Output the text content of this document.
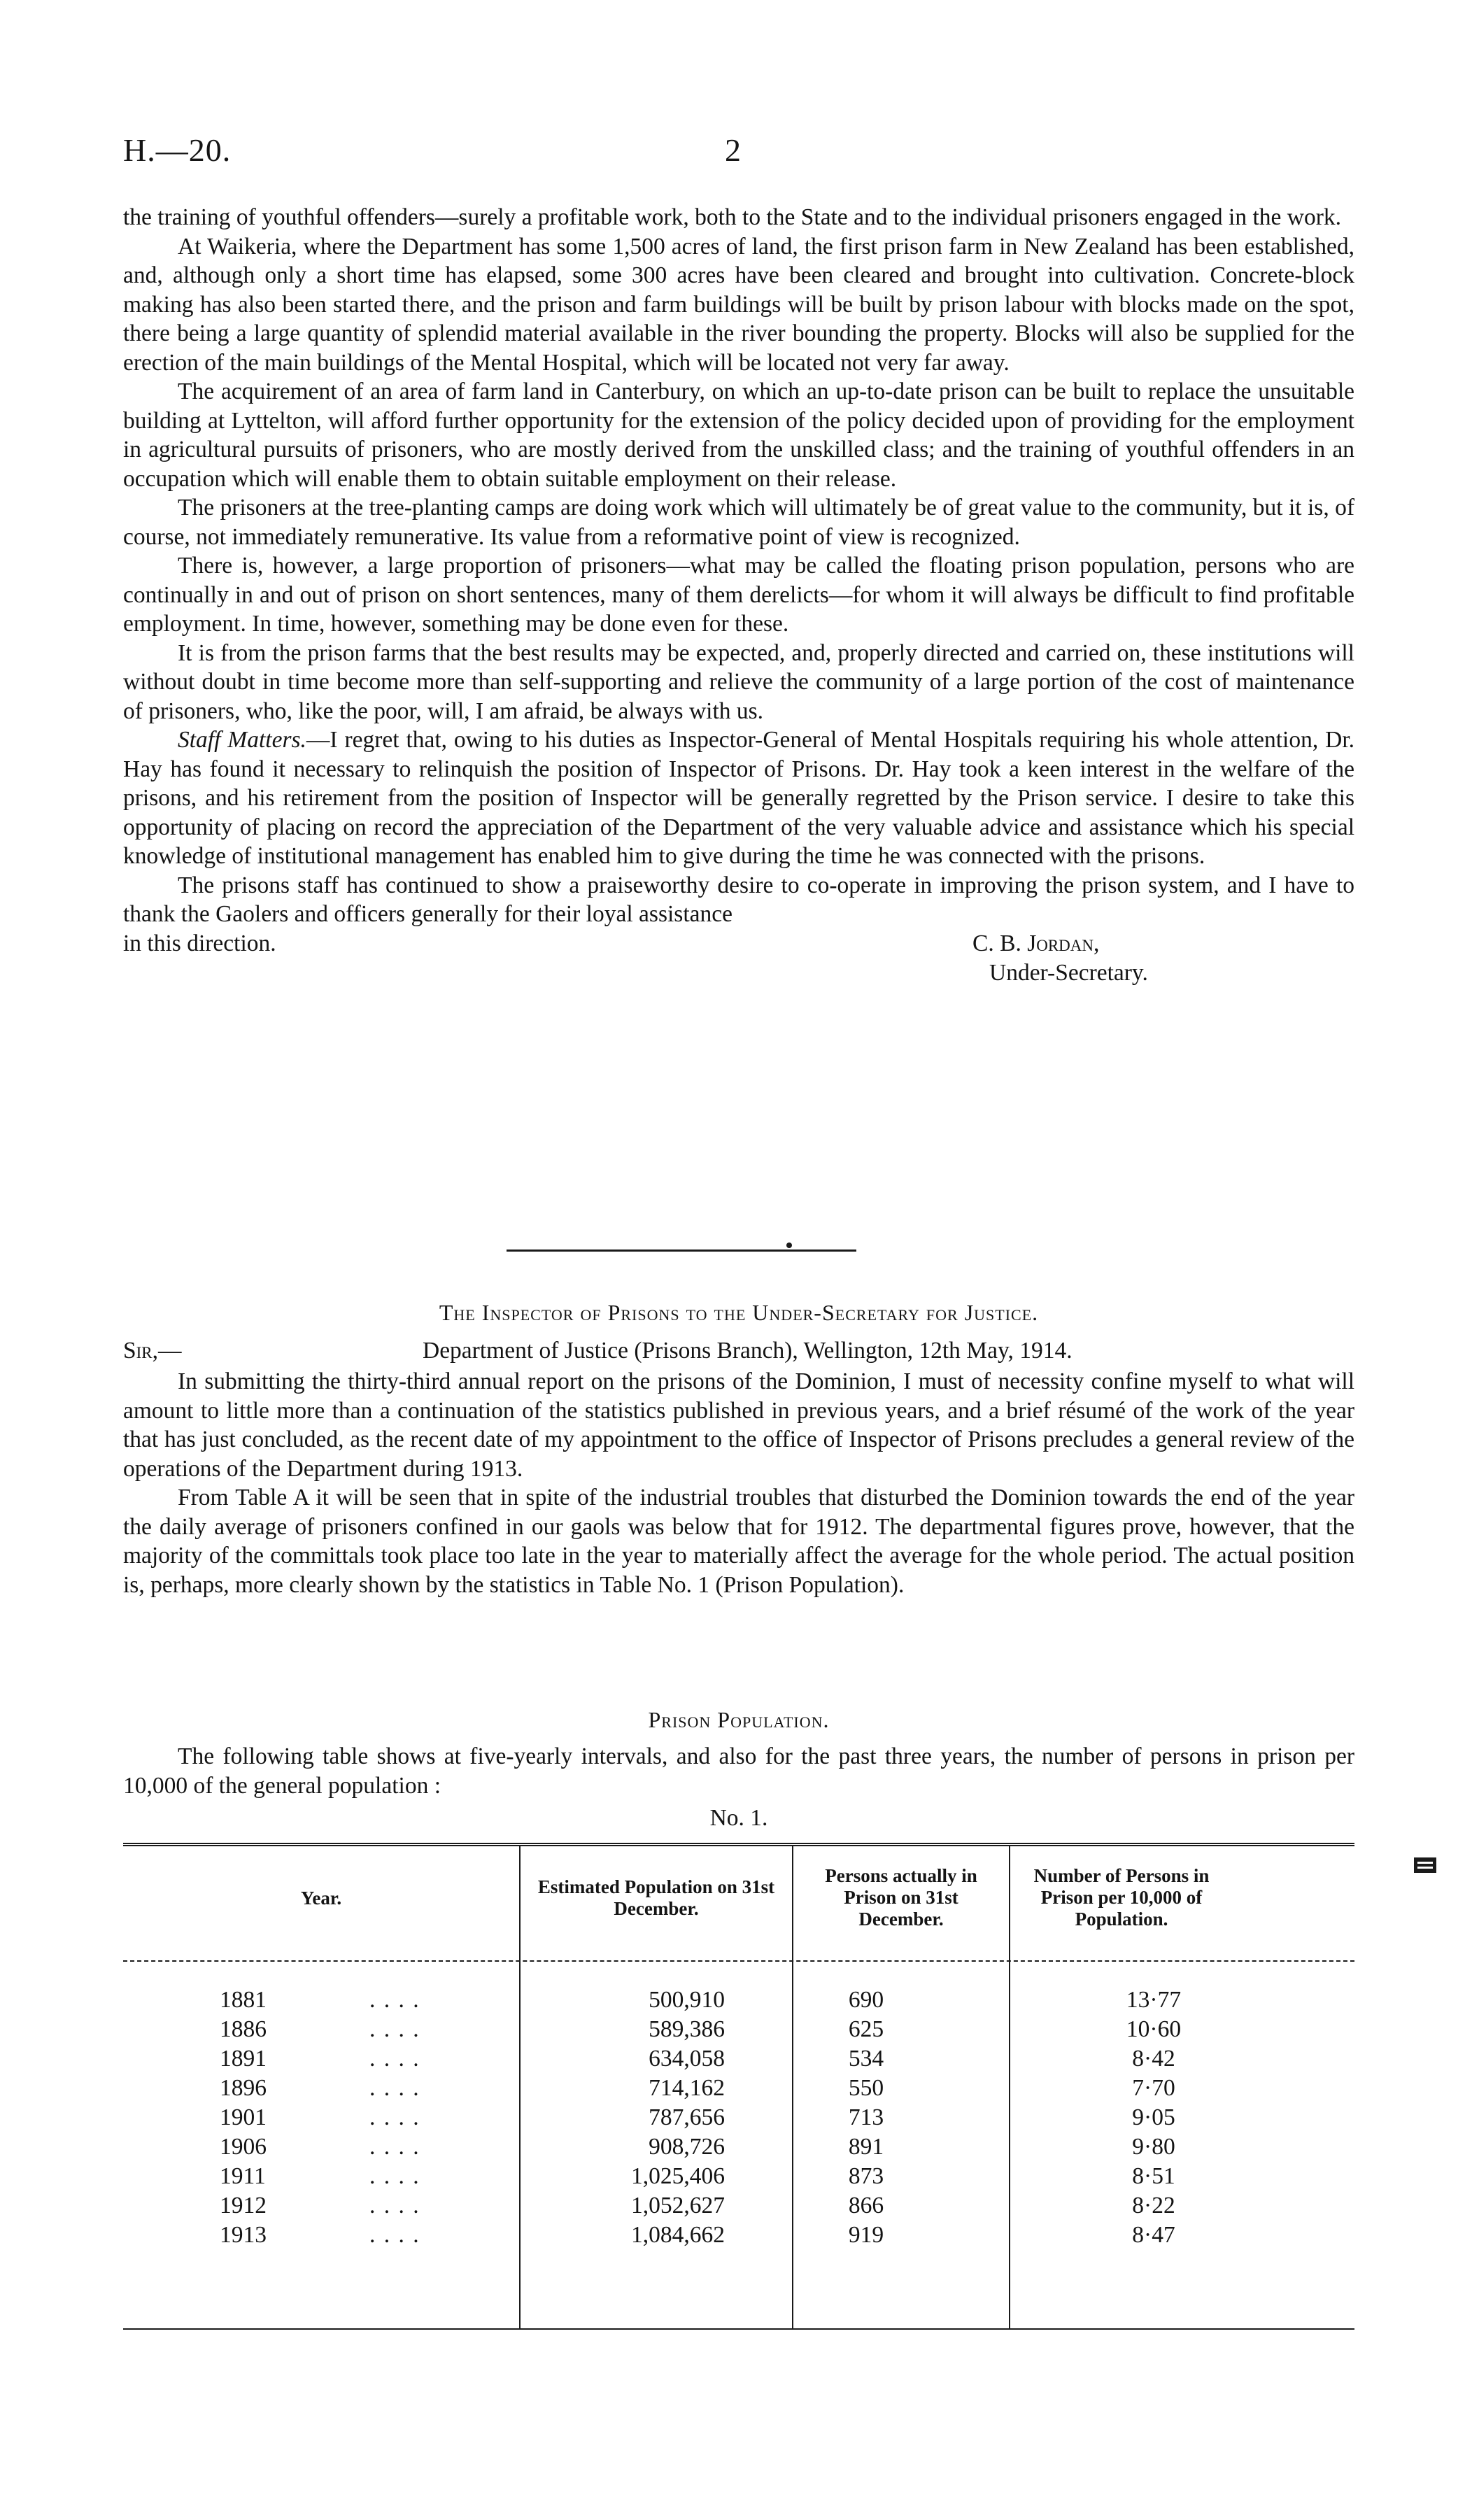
H.—20.	2

the training of youthful offenders—surely a profitable work, both to the State and to the individual prisoners engaged in the work.

At Waikeria, where the Department has some 1,500 acres of land, the first prison farm in New Zealand has been established, and, although only a short time has elapsed, some 300 acres have been cleared and brought into cultivation. Concrete-block making has also been started there, and the prison and farm buildings will be built by prison labour with blocks made on the spot, there being a large quantity of splendid material available in the river bounding the property. Blocks will also be supplied for the erection of the main buildings of the Mental Hospital, which will be located not very far away.

The acquirement of an area of farm land in Canterbury, on which an up-to-date prison can be built to replace the unsuitable building at Lyttelton, will afford further opportunity for the extension of the policy decided upon of providing for the employment in agricultural pursuits of prisoners, who are mostly derived from the unskilled class; and the training of youthful offenders in an occupation which will enable them to obtain suitable employment on their release.

The prisoners at the tree-planting camps are doing work which will ultimately be of great value to the community, but it is, of course, not immediately remunerative. Its value from a reformative point of view is recognized.

There is, however, a large proportion of prisoners—what may be called the floating prison population, persons who are continually in and out of prison on short sentences, many of them derelicts—for whom it will always be difficult to find profitable employment. In time, however, something may be done even for these.

It is from the prison farms that the best results may be expected, and, properly directed and carried on, these institutions will without doubt in time become more than self-supporting and relieve the community of a large portion of the cost of maintenance of prisoners, who, like the poor, will, I am afraid, be always with us.

Staff Matters.—I regret that, owing to his duties as Inspector-General of Mental Hospitals requiring his whole attention, Dr. Hay has found it necessary to relinquish the position of Inspector of Prisons. Dr. Hay took a keen interest in the welfare of the prisons, and his retirement from the position of Inspector will be generally regretted by the Prison service. I desire to take this opportunity of placing on record the appreciation of the Department of the very valuable advice and assistance which his special knowledge of institutional management has enabled him to give during the time he was connected with the prisons.

The prisons staff has continued to show a praiseworthy desire to co-operate in improving the prison system, and I have to thank the Gaolers and officers generally for their loyal assistance

in this direction.	C. B. Jordan,
Under-Secretary.
The Inspector of Prisons to the Under-Secretary for Justice.
Sir,—	Department of Justice (Prisons Branch), Wellington, 12th May, 1914.

In submitting the thirty-third annual report on the prisons of the Dominion, I must of necessity confine myself to what will amount to little more than a continuation of the statistics published in previous years, and a brief résumé of the work of the year that has just concluded, as the recent date of my appointment to the office of Inspector of Prisons precludes a general review of the operations of the Department during 1913.

From Table A it will be seen that in spite of the industrial troubles that disturbed the Dominion towards the end of the year the daily average of prisoners confined in our gaols was below that for 1912. The departmental figures prove, however, that the majority of the committals took place too late in the year to materially affect the average for the whole period. The actual position is, perhaps, more clearly shown by the statistics in Table No. 1 (Prison Population).

Prison Population.

The following table shows at five-yearly intervals, and also for the past three years, the number of persons in prison per 10,000 of the general population :

No. 1.
Year.
Estimated Population on 31st December.
Persons actually in Prison on 31st December.
Number of Persons in Prison per 10,000 of Population.
1881	. . . .	500,910	690	13·77
1886	. . . .	589,386	625	10·60
1891	. . . .	634,058	534	8·42
1896	. . . .	714,162	550	7·70
1901	. . . .	787,656	713	9·05
1906	. . . .	908,726	891	9·80
1911	. . . .	1,025,406	873	8·51
1912	. . . .	1,052,627	866	8·22
1913	. . . .	1,084,662	919	8·47
